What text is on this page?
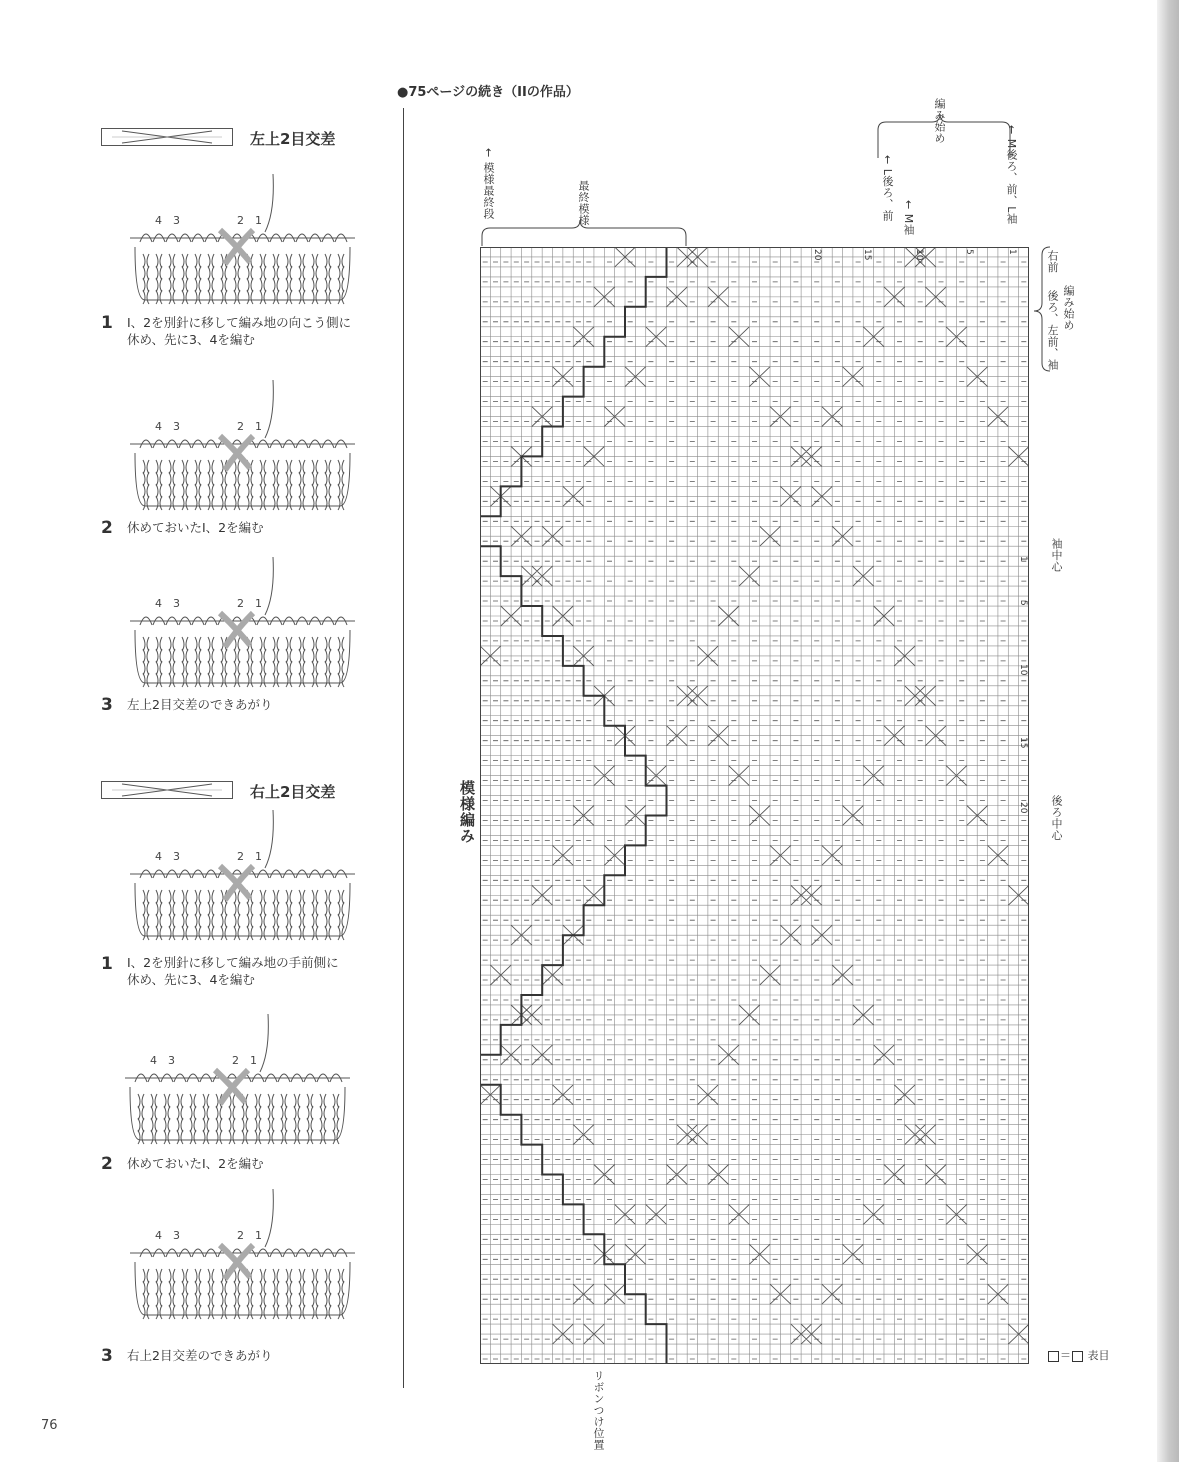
左上2目交差
4 3	2 1
1 I、2を別針に移して編み地の向こう側に
休め、先に3、4を編む
4 3	2 1
2 休めておいたI、2を編む
4 3	2 1
3 左上2目交差のできあがり
右上2目交差
4 3	2 1
1 I、2を別針に移して編み地の手前側に
休め、先に3、4を編む
4 3	2 1
2 休めておいたI、2を編む
4 3	2 1
3 右上2目交差のできあがり
●75ページの続き（IIの作品）
← 模様最終段	最終模様
模様編み
編み始め
← L後ろ、前 ← M袖	← M後ろ、前、L袖
後ろ、左前、袖
右前
編み始め
袖中心
後ろ中心
リボンつけ位置
20	15	10	5	1
1
5
10
15
20
＝ 表目
76
